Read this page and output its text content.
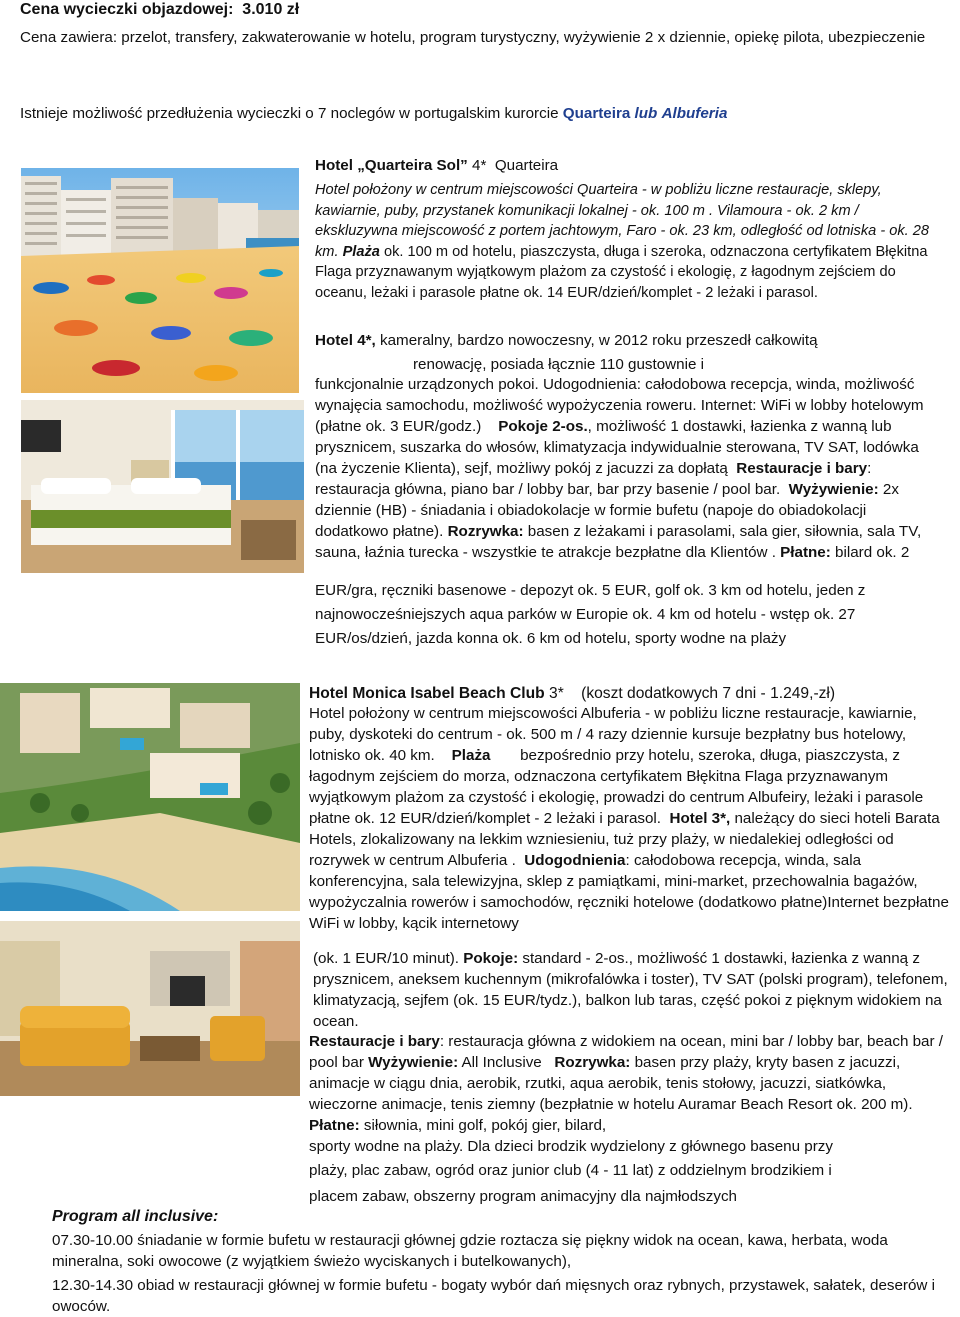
Cena wycieczki objazdowej: 3.010 zł

Cena zawiera: przelot, transfery, zakwaterowanie w hotelu, program turystyczny, wyżywienie 2 x dziennie, opiekę pilota, ubezpieczenie

Istnieje możliwość przedłużenia wycieczki o 7 noclegów w portugalskim kurorcie Quarteira lub Albuferia

Hotel „Quarteira Sol” 4* Quarteira

Hotel położony w centrum miejscowości Quarteira - w pobliżu liczne restauracje, sklepy, kawiarnie, puby, przystanek komunikacji lokalnej - ok. 100 m . Vilamoura - ok. 2 km / ekskluzywna miejscowość z portem jachtowym, Faro - ok. 23 km, odległość od lotniska - ok. 28 km. Plaża ok. 100 m od hotelu, piaszczysta, długa i szeroka, odznaczona certyfikatem Błękitna Flaga przyznawanym wyjątkowym plażom za czystość i ekologię, z łagodnym zejściem do oceanu, leżaki i parasole płatne ok. 14 EUR/dzień/komplet - 2 leżaki i parasol.

Hotel 4*, kameralny, bardzo nowoczesny, w 2012 roku przeszedł całkowitą

renowację, posiada łącznie 110 gustownie i

funkcjonalnie urządzonych pokoi. Udogodnienia: całodobowa recepcja, winda, możliwość wynajęcia samochodu, możliwość wypożyczenia roweru. Internet: WiFi w lobby hotelowym (płatne ok. 3 EUR/godz.) Pokoje 2-os., możliwość 1 dostawki, łazienka z wanną lub prysznicem, suszarka do włosów, klimatyzacja indywidualnie sterowana, TV SAT, lodówka (na życzenie Klienta), sejf, możliwy pokój z jacuzzi za dopłatą Restauracje i bary: restauracja główna, piano bar / lobby bar, bar przy basenie / pool bar. Wyżywienie: 2x dziennie (HB) - śniadania i obiadokolacje w formie bufetu (napoje do obiadokolacji dodatkowo płatne). Rozrywka: basen z leżakami i parasolami, sala gier, siłownia, sala TV, sauna, łaźnia turecka - wszystkie te atrakcje bezpłatne dla Klientów . Płatne: bilard ok. 2

EUR/gra, ręczniki basenowe - depozyt ok. 5 EUR, golf ok. 3 km od hotelu, jeden z

najnowocześniejszych aqua parków w Europie ok. 4 km od hotelu - wstęp ok. 27

EUR/os/dzień, jazda konna ok. 6 km od hotelu, sporty wodne na plaży

Hotel Monica Isabel Beach Club 3* (koszt dodatkowych 7 dni - 1.249,-zł)

Hotel położony w centrum miejscowości Albuferia - w pobliżu liczne restauracje, kawiarnie, puby, dyskoteki do centrum - ok. 500 m / 4 razy dziennie kursuje bezpłatny bus hotelowy, lotnisko ok. 40 km. Plaża bezpośrednio przy hotelu, szeroka, długa, piaszczysta, z łagodnym zejściem do morza, odznaczona certyfikatem Błękitna Flaga przyznawanym wyjątkowym plażom za czystość i ekologię, prowadzi do centrum Albufeiry, leżaki i parasole płatne ok. 12 EUR/dzień/komplet - 2 leżaki i parasol. Hotel 3*, należący do sieci hoteli Barata Hotels, zlokalizowany na lekkim wzniesieniu, tuż przy plaży, w niedalekiej odległości od rozrywek w centrum Albuferia . Udogodnienia: całodobowa recepcja, winda, sala konferencyjna, sala telewizyjna, sklep z pamiątkami, mini-market, przechowalnia bagażów, wypożyczalnia rowerów i samochodów, ręczniki hotelowe (dodatkowo płatne)Internet bezpłatne WiFi w lobby, kącik internetowy

(ok. 1 EUR/10 minut). Pokoje: standard - 2-os., możliwość 1 dostawki, łazienka z wanną z prysznicem, aneksem kuchennym (mikrofalówka i toster), TV SAT (polski program), telefonem, klimatyzacją, sejfem (ok. 15 EUR/tydz.), balkon lub taras, część pokoi z pięknym widokiem na ocean.

Restauracje i bary: restauracja główna z widokiem na ocean, mini bar / lobby bar, beach bar / pool bar Wyżywienie: All Inclusive Rozrywka: basen przy plaży, kryty basen z jacuzzi, animacje w ciągu dnia, aerobik, rzutki, aqua aerobik, tenis stołowy, jacuzzi, siatkówka, wieczorne animacje, tenis ziemny (bezpłatnie w hotelu Auramar Beach Resort ok. 200 m). Płatne: siłownia, mini golf, pokój gier, bilard,

sporty wodne na plaży. Dla dzieci brodzik wydzielony z głównego basenu przy

plaży, plac zabaw, ogród oraz junior club (4 - 11 lat) z oddzielnym brodzikiem i

placem zabaw, obszerny program animacyjny dla najmłodszych

Program all inclusive:

07.30-10.00 śniadanie w formie bufetu w restauracji głównej gdzie roztacza się piękny widok na ocean, kawa, herbata, woda mineralna, soki owocowe (z wyjątkiem świeżo wyciskanych i butelkowanych),

12.30-14.30 obiad w restauracji głównej w formie bufetu - bogaty wybór dań mięsnych oraz rybnych, przystawek, sałatek, deserów i owoców.
